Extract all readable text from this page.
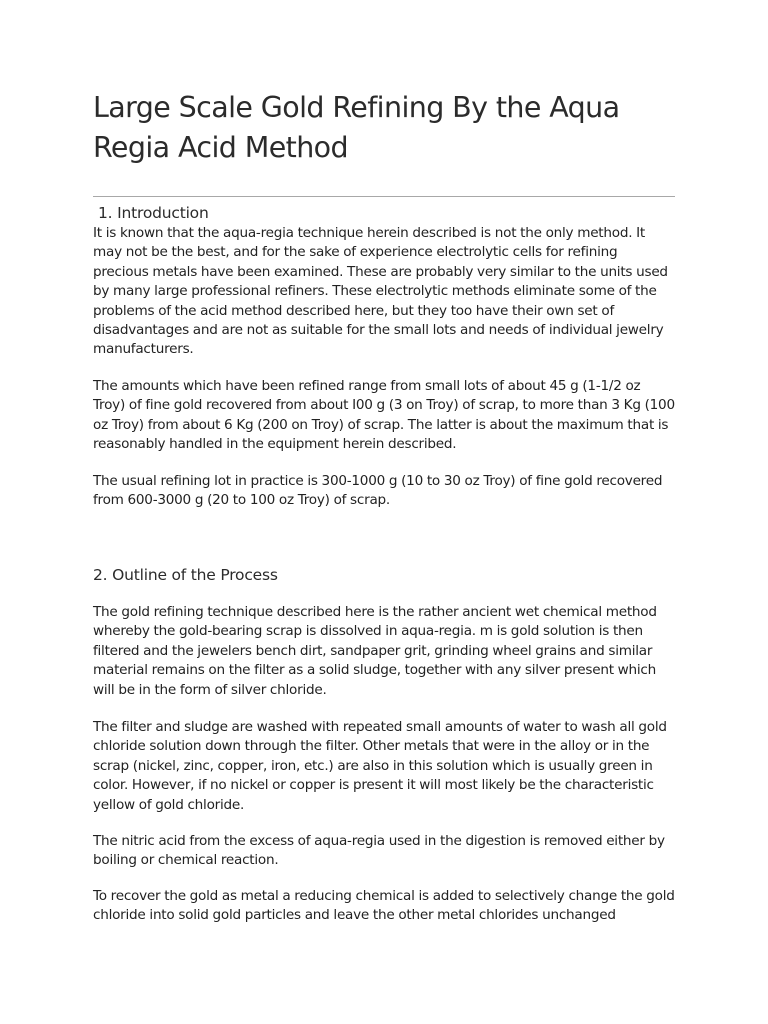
Large Scale Gold Refining By the Aqua Regia Acid Method
1. Introduction

It is known that the aqua-regia technique herein described is not the only method. It may not be the best, and for the sake of experience electrolytic cells for refining precious metals have been examined. These are probably very similar to the units used by many large professional refiners. These electrolytic methods eliminate some of the problems of the acid method described here, but they too have their own set of disadvantages and are not as suitable for the small lots and needs of individual jewelry manufacturers.

The amounts which have been refined range from small lots of about 45 g (1-1/2 oz Troy) of fine gold recovered from about I00 g (3 on Troy) of scrap, to more than 3 Kg (100 oz Troy) from about 6 Kg (200 on Troy) of scrap. The latter is about the maximum that is reasonably handled in the equipment herein described.

The usual refining lot in practice is 300-1000 g (10 to 30 oz Troy) of fine gold recovered from 600-3000 g (20 to 100 oz Troy) of scrap.

2. Outline of the Process

The gold refining technique described here is the rather ancient wet chemical method whereby the gold-bearing scrap is dissolved in aqua-regia. m is gold solution is then filtered and the jewelers bench dirt, sandpaper grit, grinding wheel grains and similar material remains on the filter as a solid sludge, together with any silver present which will be in the form of silver chloride.

The filter and sludge are washed with repeated small amounts of water to wash all gold chloride solution down through the filter. Other metals that were in the alloy or in the scrap (nickel, zinc, copper, iron, etc.) are also in this solution which is usually green in color. However, if no nickel or copper is present it will most likely be the characteristic yellow of gold chloride.

The nitric acid from the excess of aqua-regia used in the digestion is removed either by boiling or chemical reaction.

To recover the gold as metal a reducing chemical is added to selectively change the gold chloride into solid gold particles and leave the other metal chlorides unchanged
